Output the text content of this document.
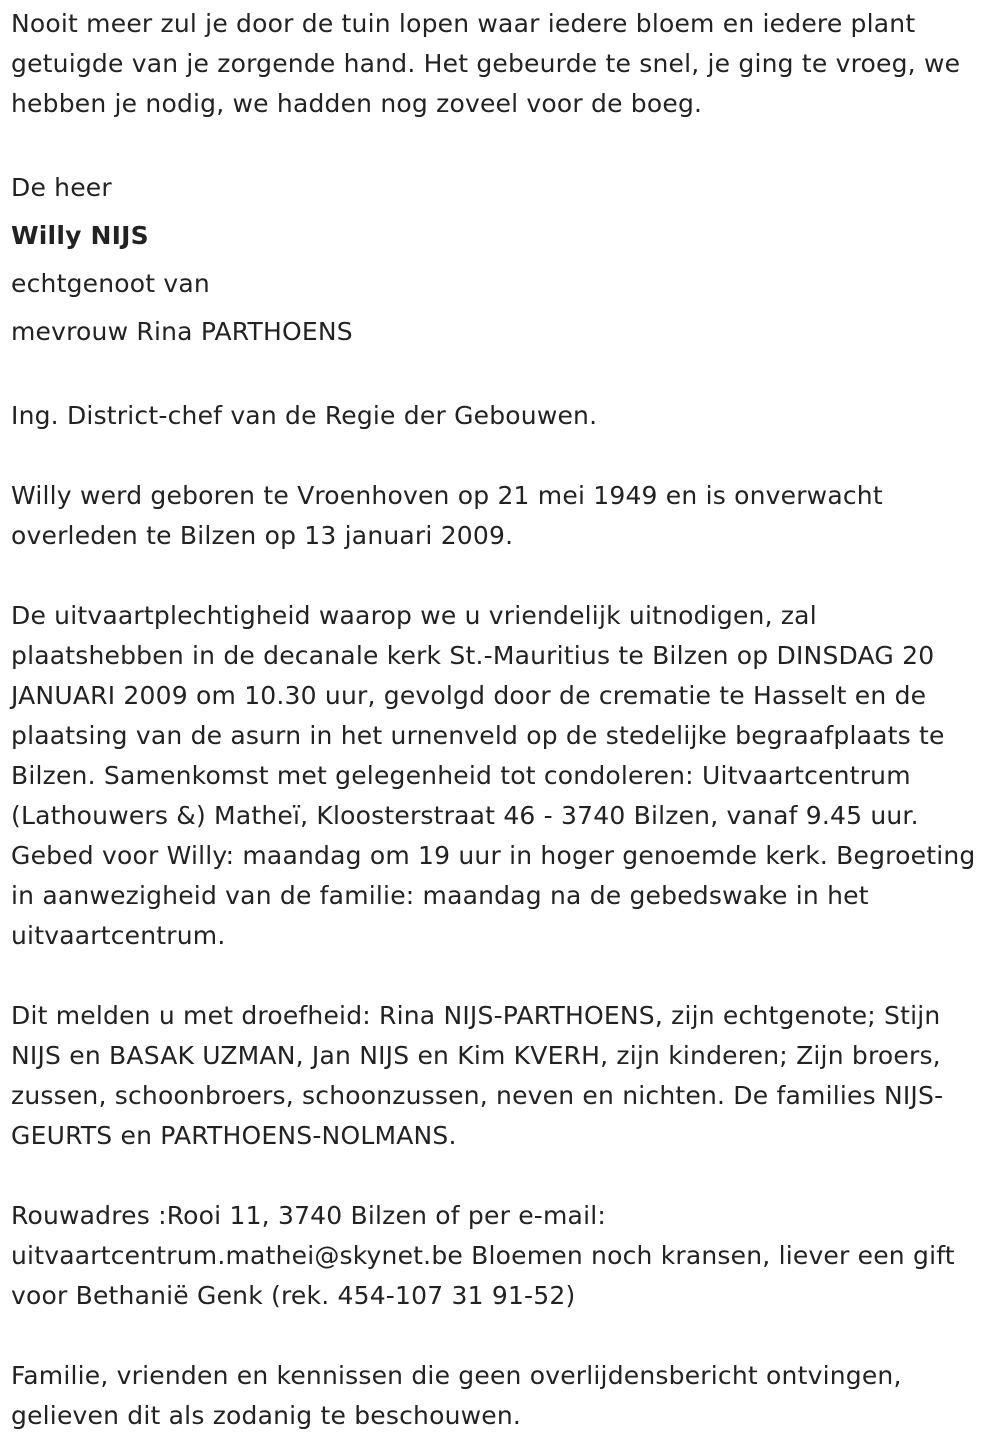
Nooit meer zul je door de tuin lopen waar iedere bloem en iedere plant getuigde van je zorgende hand. Het gebeurde te snel, je ging te vroeg, we hebben je nodig, we hadden nog zoveel voor de boeg.

De heer

Willy NIJS

echtgenoot van

mevrouw Rina PARTHOENS

Ing. District-chef van de Regie der Gebouwen.

Willy werd geboren te Vroenhoven op 21 mei 1949 en is onverwacht overleden te Bilzen op 13 januari 2009.

De uitvaartplechtigheid waarop we u vriendelijk uitnodigen, zal plaatshebben in de decanale kerk St.-Mauritius te Bilzen op DINSDAG 20 JANUARI 2009 om 10.30 uur, gevolgd door de crematie te Hasselt en de plaatsing van de asurn in het urnenveld op de stedelijke begraafplaats te Bilzen. Samenkomst met gelegenheid tot condoleren: Uitvaartcentrum (Lathouwers &) Matheï, Kloosterstraat 46 - 3740 Bilzen, vanaf 9.45 uur. Gebed voor Willy: maandag om 19 uur in hoger genoemde kerk. Begroeting in aanwezigheid van de familie: maandag na de gebedswake in het uitvaartcentrum.

Dit melden u met droefheid: Rina NIJS-PARTHOENS, zijn echtgenote; Stijn NIJS en BASAK UZMAN, Jan NIJS en Kim KVERH, zijn kinderen; Zijn broers, zussen, schoonbroers, schoonzussen, neven en nichten. De families NIJS-GEURTS en PARTHOENS-NOLMANS.

Rouwadres :Rooi 11, 3740 Bilzen of per e-mail: uitvaartcentrum.mathei@skynet.be Bloemen noch kransen, liever een gift voor Bethanië Genk (rek. 454-107 31 91-52)

Familie, vrienden en kennissen die geen overlijdensbericht ontvingen, gelieven dit als zodanig te beschouwen.
